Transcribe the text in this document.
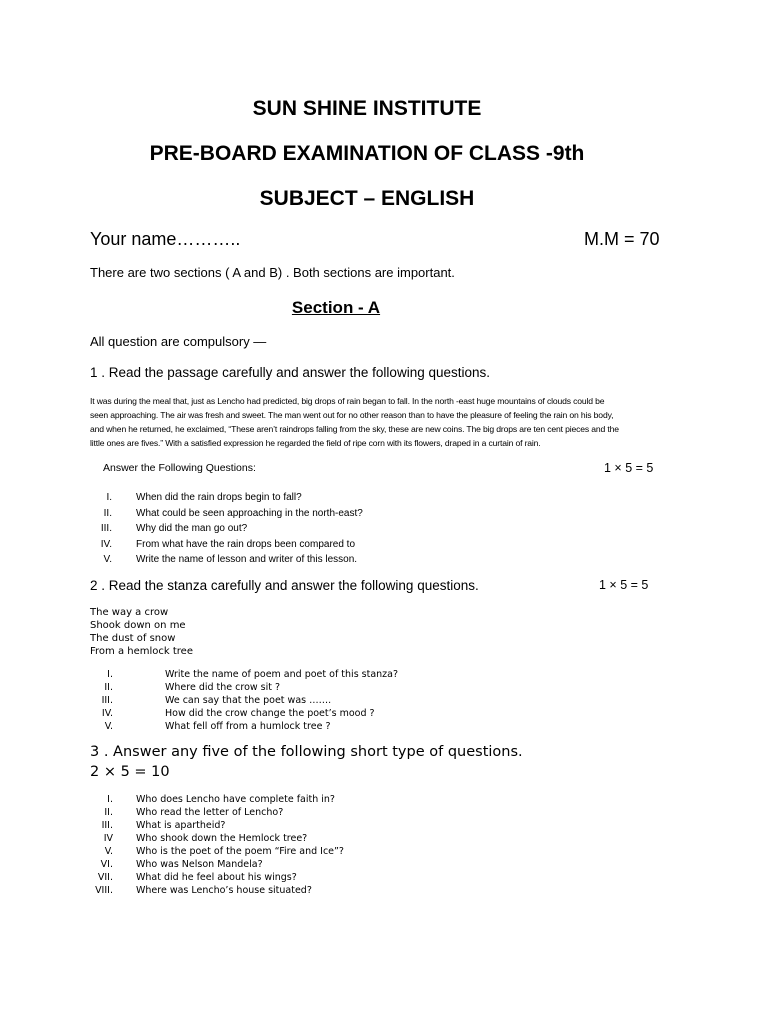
SUN SHINE INSTITUTE
PRE-BOARD EXAMINATION OF CLASS -9th
SUBJECT – ENGLISH
Your name………..	M.M = 70
There are two sections ( A and B) . Both sections are important.
Section - A
All question are compulsory —
1 . Read the passage carefully and answer the following questions.
It was during the meal that, just as Lencho had predicted, big drops of rain began to fall. In the north -east huge mountains of clouds could be
seen approaching. The air was fresh and sweet. The man went out for no other reason than to have the pleasure of feeling the rain on his body,
and when he returned, he exclaimed, “These aren’t raindrops falling from the sky, these are new coins. The big drops are ten cent pieces and the
little ones are fives.” With a satisfied expression he regarded the field of ripe corn with its flowers, draped in a curtain of rain.
Answer the Following Questions:	1 × 5 = 5
I. When did the rain drops begin to fall?
II. What could be seen approaching in the north-east?
III. Why did the man go out?
IV. From what have the rain drops been compared to
V. Write the name of lesson and writer of this lesson.
2 . Read the stanza carefully and answer the following questions.	1 × 5 = 5
The way a crow
Shook down on me
The dust of snow
From a hemlock tree
I.	Write the name of poem and poet of this stanza?
II.	Where did the crow sit ?
III.	We can say that the poet was …….
IV.	How did the crow change the poet’s mood ?
V.	What fell off from a humlock tree ?
3 . Answer any five of the following short type of questions.
2 × 5 = 10
I. Who does Lencho have complete faith in?
II. Who read the letter of Lencho?
III. What is apartheid?
IV Who shook down the Hemlock tree?
V. Who is the poet of the poem “Fire and Ice”?
VI. Who was Nelson Mandela?
VII. What did he feel about his wings?
VIII. Where was Lencho’s house situated?
